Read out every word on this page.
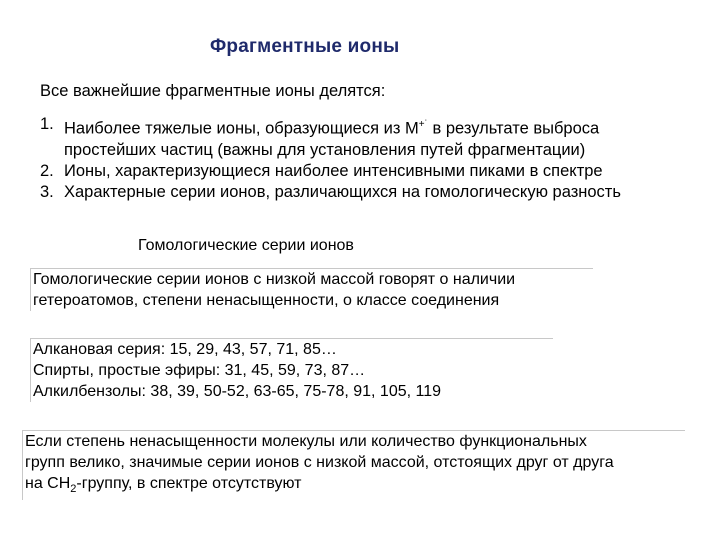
Фрагментные ионы
Все важнейшие фрагментные ионы делятся:
1. Наиболее тяжелые ионы, образующиеся из M+˙ в результате выброса
простейших частиц (важны для установления путей фрагментации)
2. Ионы, характеризующиеся наиболее интенсивными пиками в спектре
3. Характерные серии ионов, различающихся на гомологическую разность
Гомологические серии ионов
Гомологические серии ионов с низкой массой говорят о наличии
гетероатомов, степени ненасыщенности, о классе соединения
Алкановая серия: 15, 29, 43, 57, 71, 85…
Спирты, простые эфиры: 31, 45, 59, 73, 87…
Алкилбензолы: 38, 39, 50-52, 63-65, 75-78, 91, 105, 119
Если степень ненасыщенности молекулы или количество функциональных
групп велико, значимые серии ионов с низкой массой, отстоящих друг от друга
на $CH_2$-группу, в спектре отсутствуют
